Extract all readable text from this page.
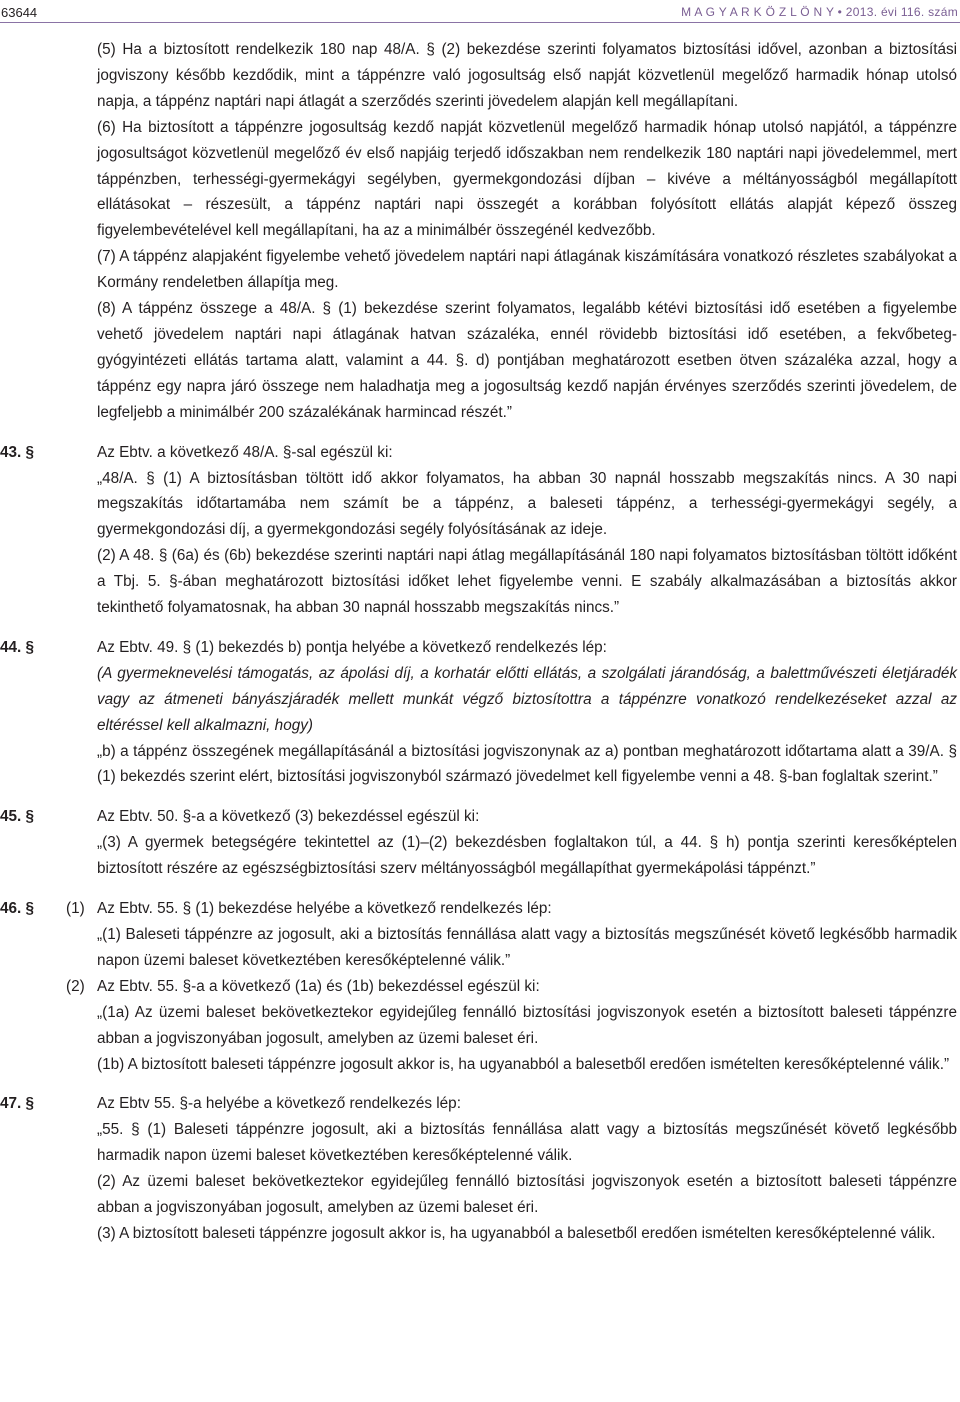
63644	M A G Y A R K Ö Z L Ö N Y • 2013. évi 116. szám

(5) Ha a biztosított rendelkezik 180 nap 48/A. § (2) bekezdése szerinti folyamatos biztosítási idővel, azonban a biztosítási jogviszony később kezdődik, mint a táppénzre való jogosultság első napját közvetlenül megelőző harmadik hónap utolsó napja, a táppénz naptári napi átlagát a szerződés szerinti jövedelem alapján kell megállapítani.

(6) Ha biztosított a táppénzre jogosultság kezdő napját közvetlenül megelőző harmadik hónap utolsó napjától, a táppénzre jogosultságot közvetlenül megelőző év első napjáig terjedő időszakban nem rendelkezik 180 naptári napi jövedelemmel, mert táppénzben, terhességi-gyermekágyi segélyben, gyermekgondozási díjban – kivéve a méltányosságból megállapított ellátásokat – részesült, a táppénz naptári napi összegét a korábban folyósított ellátás alapját képező összeg figyelembevételével kell megállapítani, ha az a minimálbér összegénél kedvezőbb.

(7) A táppénz alapjaként figyelembe vehető jövedelem naptári napi átlagának kiszámítására vonatkozó részletes szabályokat a Kormány rendeletben állapítja meg.

(8) A táppénz összege a 48/A. § (1) bekezdése szerint folyamatos, legalább kétévi biztosítási idő esetében a figyelembe vehető jövedelem naptári napi átlagának hatvan százaléka, ennél rövidebb biztosítási idő esetében, a fekvőbeteg-gyógyintézeti ellátás tartama alatt, valamint a 44. §. d) pontjában meghatározott esetben ötven százaléka azzal, hogy a táppénz egy napra járó összege nem haladhatja meg a jogosultság kezdő napján érvényes szerződés szerinti jövedelem, de legfeljebb a minimálbér 200 százalékának harmincad részét.”

43. §	Az Ebtv. a következő 48/A. §-sal egészül ki:

„48/A. § (1) A biztosításban töltött idő akkor folyamatos, ha abban 30 napnál hosszabb megszakítás nincs. A 30 napi megszakítás időtartamába nem számít be a táppénz, a baleseti táppénz, a terhességi-gyermekágyi segély, a gyermekgondozási díj, a gyermekgondozási segély folyósításának az ideje.

(2) A 48. § (6a) és (6b) bekezdése szerinti naptári napi átlag megállapításánál 180 napi folyamatos biztosításban töltött időként a Tbj. 5. §-ában meghatározott biztosítási időket lehet figyelembe venni. E szabály alkalmazásában a biztosítás akkor tekinthető folyamatosnak, ha abban 30 napnál hosszabb megszakítás nincs.”

44. §	Az Ebtv. 49. § (1) bekezdés b) pontja helyébe a következő rendelkezés lép:

(A gyermeknevelési támogatás, az ápolási díj, a korhatár előtti ellátás, a szolgálati járandóság, a balettművészeti életjáradék vagy az átmeneti bányászjáradék mellett munkát végző biztosítottra a táppénzre vonatkozó rendelkezéseket azzal az eltéréssel kell alkalmazni, hogy)

„b) a táppénz összegének megállapításánál a biztosítási jogviszonynak az a) pontban meghatározott időtartama alatt a 39/A. § (1) bekezdés szerint elért, biztosítási jogviszonyból származó jövedelmet kell figyelembe venni a 48. §-ban foglaltak szerint.”

45. §	Az Ebtv. 50. §-a a következő (3) bekezdéssel egészül ki:

„(3) A gyermek betegségére tekintettel az (1)–(2) bekezdésben foglaltakon túl, a 44. § h) pontja szerinti keresőképtelen biztosított részére az egészségbiztosítási szerv méltányosságból megállapíthat gyermekápolási táppénzt.”

46. § (1) Az Ebtv. 55. § (1) bekezdése helyébe a következő rendelkezés lép:

„(1) Baleseti táppénzre az jogosult, aki a biztosítás fennállása alatt vagy a biztosítás megszűnését követő legkésőbb harmadik napon üzemi baleset következtében keresőképtelenné válik.”

(2) Az Ebtv. 55. §-a a következő (1a) és (1b) bekezdéssel egészül ki:

„(1a) Az üzemi baleset bekövetkeztekor egyidejűleg fennálló biztosítási jogviszonyok esetén a biztosított baleseti táppénzre abban a jogviszonyában jogosult, amelyben az üzemi baleset éri.

(1b) A biztosított baleseti táppénzre jogosult akkor is, ha ugyanabból a balesetből eredően ismételten keresőképtelenné válik.”

47. §	Az Ebtv 55. §-a helyébe a következő rendelkezés lép:

„55. § (1) Baleseti táppénzre jogosult, aki a biztosítás fennállása alatt vagy a biztosítás megszűnését követő legkésőbb harmadik napon üzemi baleset következtében keresőképtelenné válik.

(2) Az üzemi baleset bekövetkeztekor egyidejűleg fennálló biztosítási jogviszonyok esetén a biztosított baleseti táppénzre abban a jogviszonyában jogosult, amelyben az üzemi baleset éri.

(3) A biztosított baleseti táppénzre jogosult akkor is, ha ugyanabból a balesetből eredően ismételten keresőképtelenné válik.
